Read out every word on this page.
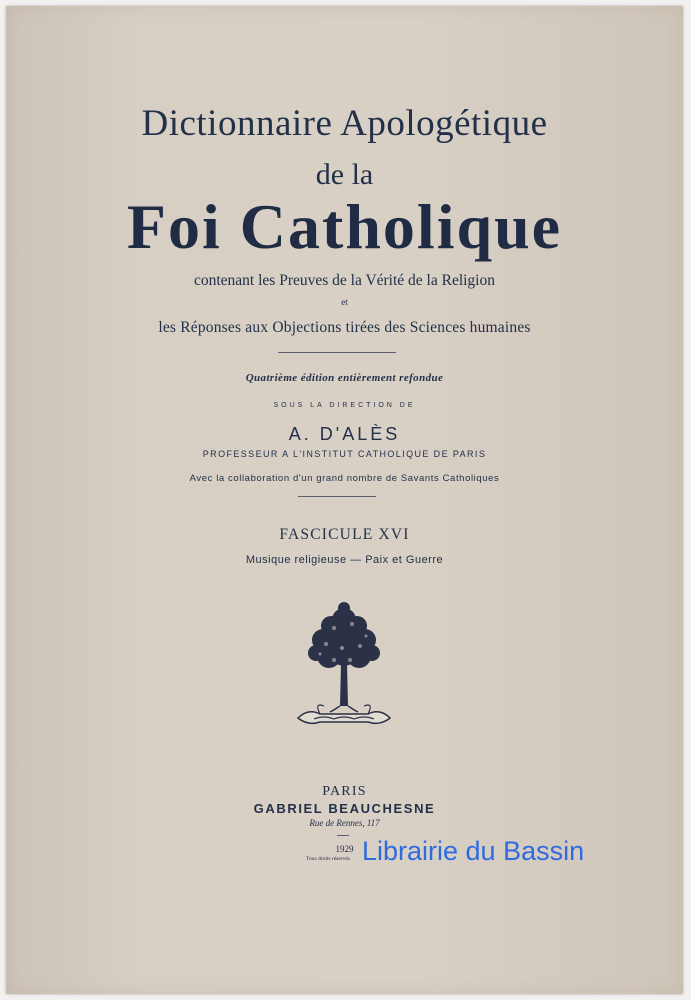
Dictionnaire Apologétique
de la
Foi Catholique
contenant les Preuves de la Vérité de la Religion
et
les Réponses aux Objections tirées des Sciences humaines
Quatrième édition entièrement refondue
SOUS LA DIRECTION DE
A. D'ALÈS
PROFESSEUR A L'INSTITUT CATHOLIQUE DE PARIS
Avec la collaboration d'un grand nombre de Savants Catholiques
FASCICULE XVI
Musique religieuse — Paix et Guerre
PARIS
GABRIEL BEAUCHESNE
Rue de Rennes, 117
1929
Tous droits réservés Librairie du Bassin
